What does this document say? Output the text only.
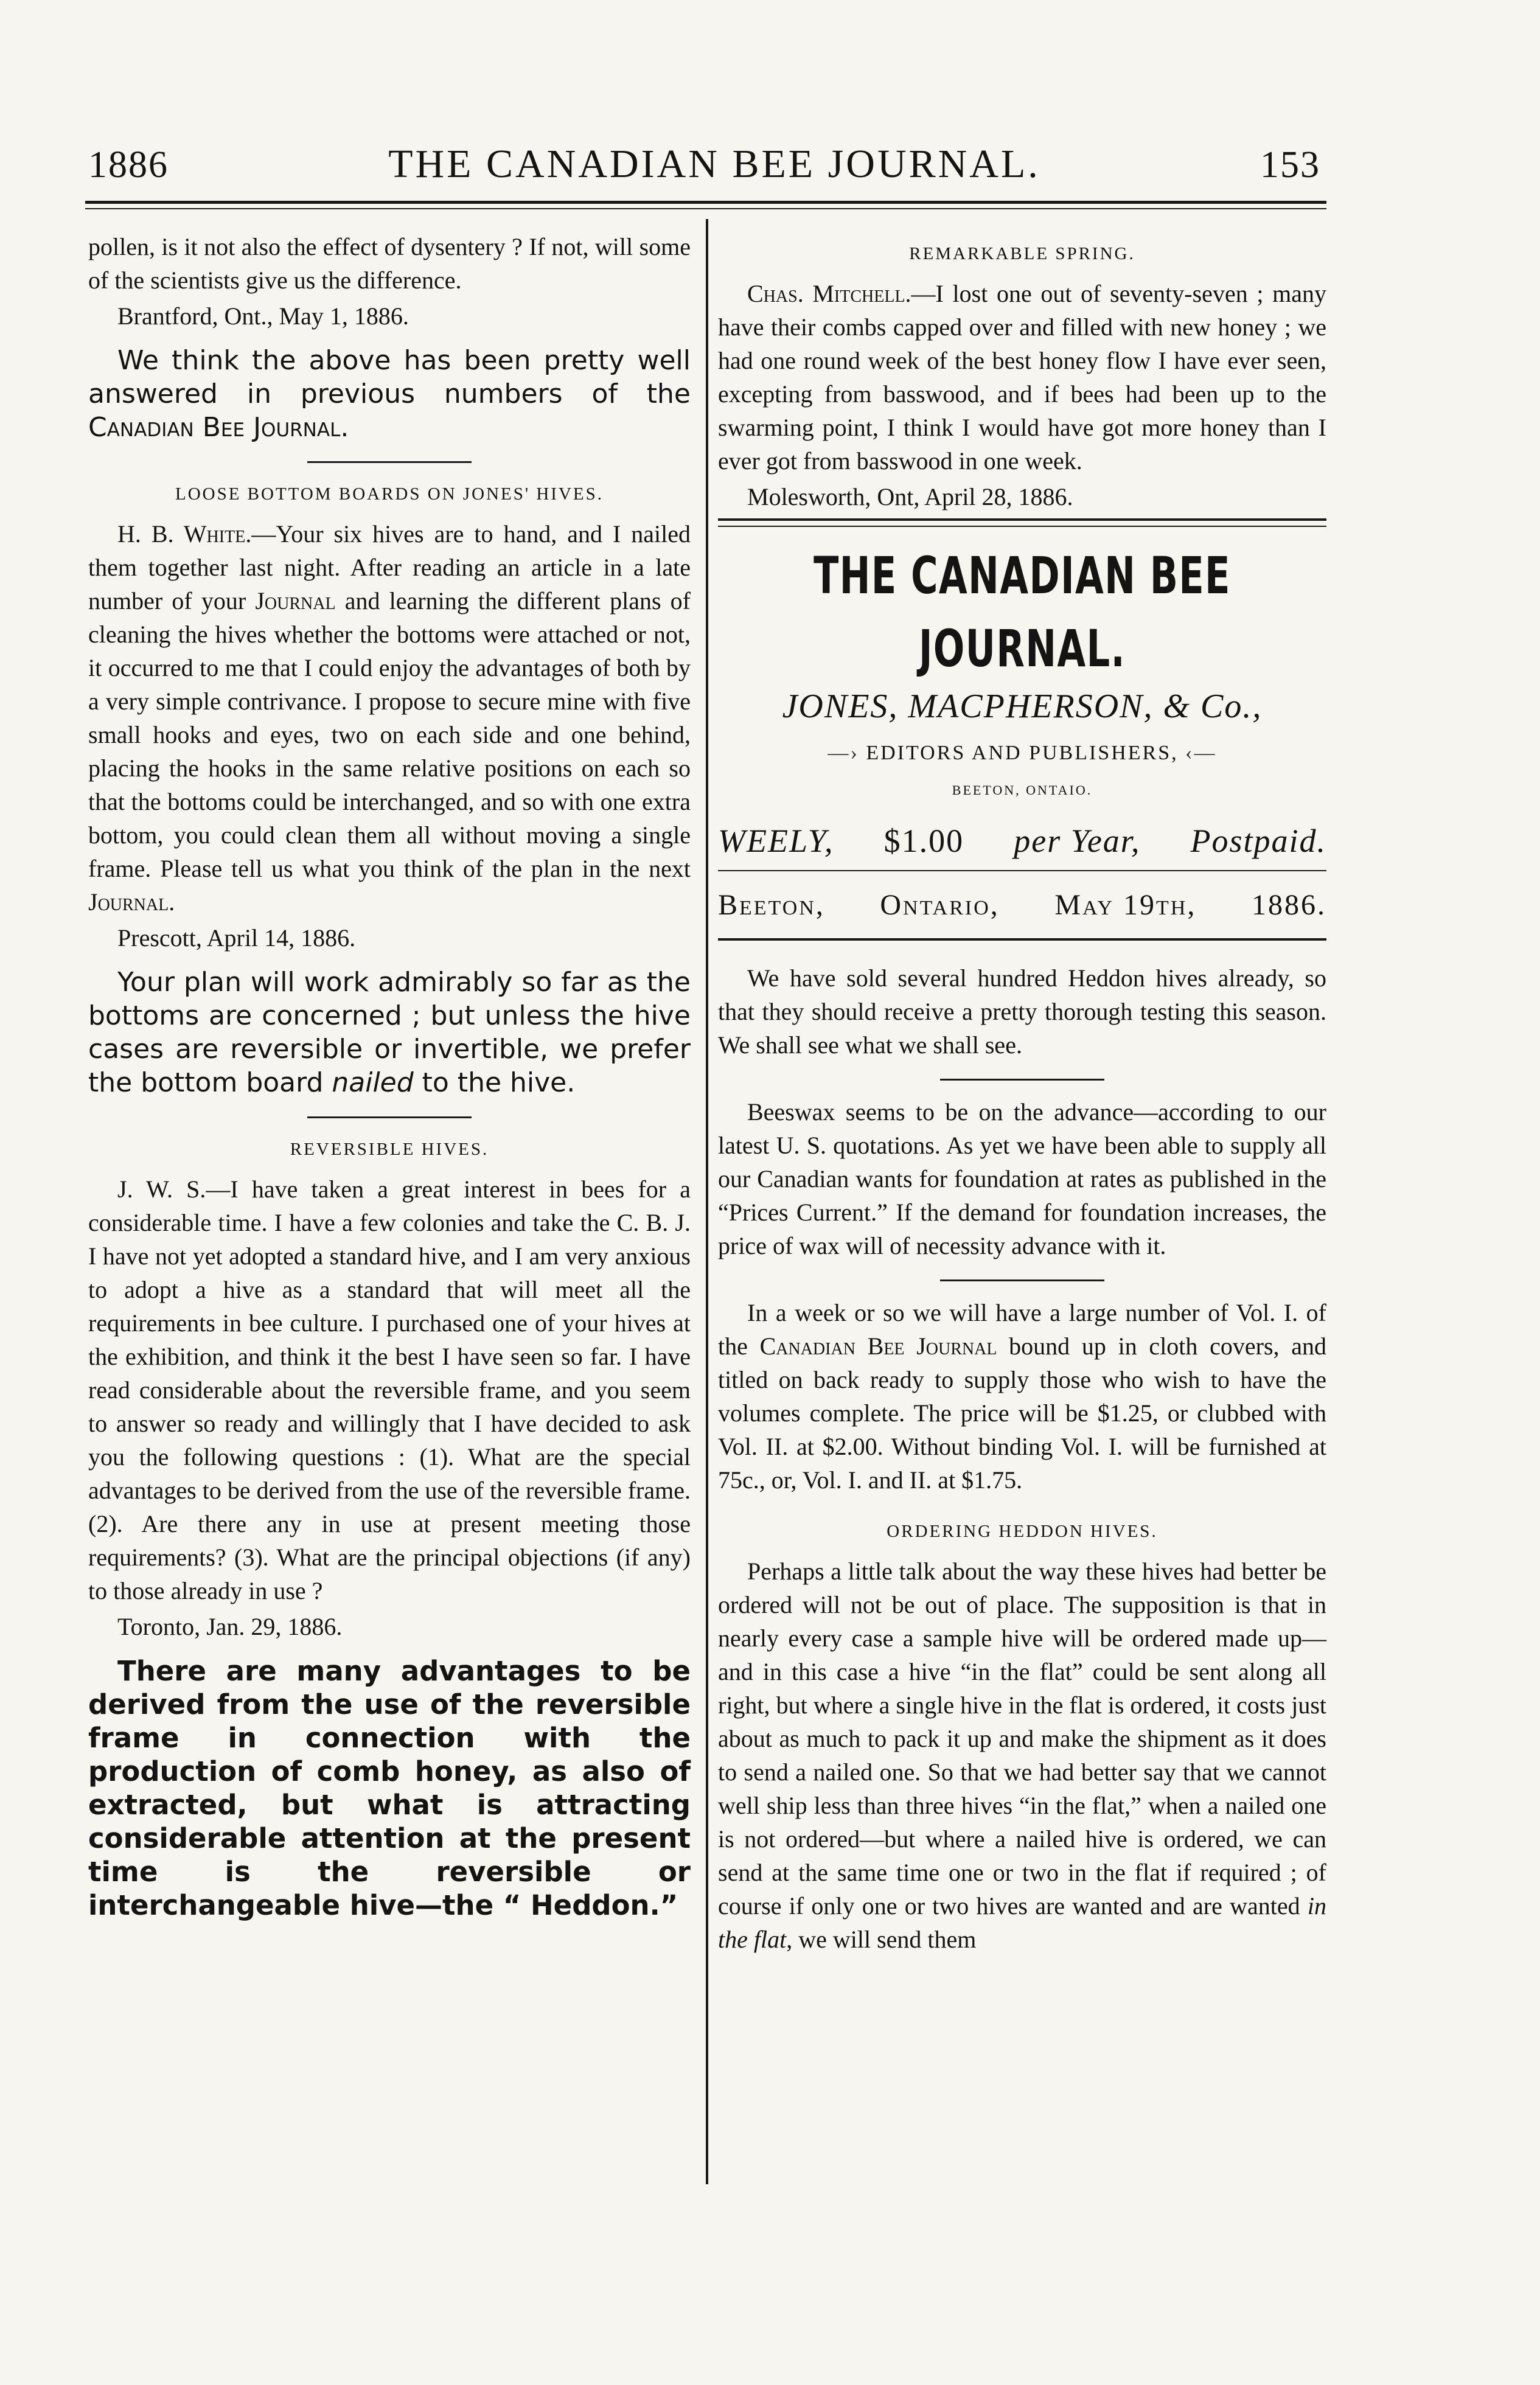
1886	THE CANADIAN BEE JOURNAL.	153

pollen, is it not also the effect of dysentery ? If not, will some of the scientists give us the difference.

Brantford, Ont., May 1, 1886.

We think the above has been pretty well answered in previous numbers of the Canadian Bee Journal.

LOOSE BOTTOM BOARDS ON JONES' HIVES.

H. B. White.—Your six hives are to hand, and I nailed them together last night. After reading an article in a late number of your Journal and learning the different plans of cleaning the hives whether the bottoms were attached or not, it occurred to me that I could enjoy the advantages of both by a very simple contrivance. I propose to secure mine with five small hooks and eyes, two on each side and one behind, placing the hooks in the same relative positions on each so that the bottoms could be interchanged, and so with one extra bottom, you could clean them all without moving a single frame. Please tell us what you think of the plan in the next Journal.

Prescott, April 14, 1886.

Your plan will work admirably so far as the bottoms are concerned ; but unless the hive cases are reversible or invertible, we prefer the bottom board nailed to the hive.

REVERSIBLE HIVES.

J. W. S.—I have taken a great interest in bees for a considerable time. I have a few colonies and take the C. B. J. I have not yet adopted a standard hive, and I am very anxious to adopt a hive as a standard that will meet all the requirements in bee culture. I purchased one of your hives at the exhibition, and think it the best I have seen so far. I have read considerable about the reversible frame, and you seem to answer so ready and willingly that I have decided to ask you the following questions : (1). What are the special advantages to be derived from the use of the reversible frame. (2). Are there any in use at present meeting those requirements? (3). What are the principal objections (if any) to those already in use ?

Toronto, Jan. 29, 1886.

There are many advantages to be derived from the use of the reversible frame in connection with the production of comb honey, as also of extracted, but what is attracting considerable attention at the present time is the reversible or interchangeable hive—the “ Heddon.”

REMARKABLE SPRING.

Chas. Mitchell.—I lost one out of seventy-seven ; many have their combs capped over and filled with new honey ; we had one round week of the best honey flow I have ever seen, excepting from basswood, and if bees had been up to the swarming point, I think I would have got more honey than I ever got from basswood in one week.

Molesworth, Ont, April 28, 1886.

THE CANADIAN BEE JOURNAL.
JONES, MACPHERSON, & Co.,
—› EDITORS AND PUBLISHERS, ‹—
BEETON, ONTAIO.
WEELY, $1.00 per Year, Postpaid.
Beeton, Ontario, May 19th, 1886.

We have sold several hundred Heddon hives already, so that they should receive a pretty thorough testing this season. We shall see what we shall see.

Beeswax seems to be on the advance—according to our latest U. S. quotations. As yet we have been able to supply all our Canadian wants for foundation at rates as published in the “Prices Current.” If the demand for foundation increases, the price of wax will of necessity advance with it.

In a week or so we will have a large number of Vol. I. of the Canadian Bee Journal bound up in cloth covers, and titled on back ready to supply those who wish to have the volumes complete. The price will be $1.25, or clubbed with Vol. II. at $2.00. Without binding Vol. I. will be furnished at 75c., or, Vol. I. and II. at $1.75.

ORDERING HEDDON HIVES.

Perhaps a little talk about the way these hives had better be ordered will not be out of place. The supposition is that in nearly every case a sample hive will be ordered made up—and in this case a hive “in the flat” could be sent along all right, but where a single hive in the flat is ordered, it costs just about as much to pack it up and make the shipment as it does to send a nailed one. So that we had better say that we cannot well ship less than three hives “in the flat,” when a nailed one is not ordered—but where a nailed hive is ordered, we can send at the same time one or two in the flat if required ; of course if only one or two hives are wanted and are wanted in the flat, we will send them
